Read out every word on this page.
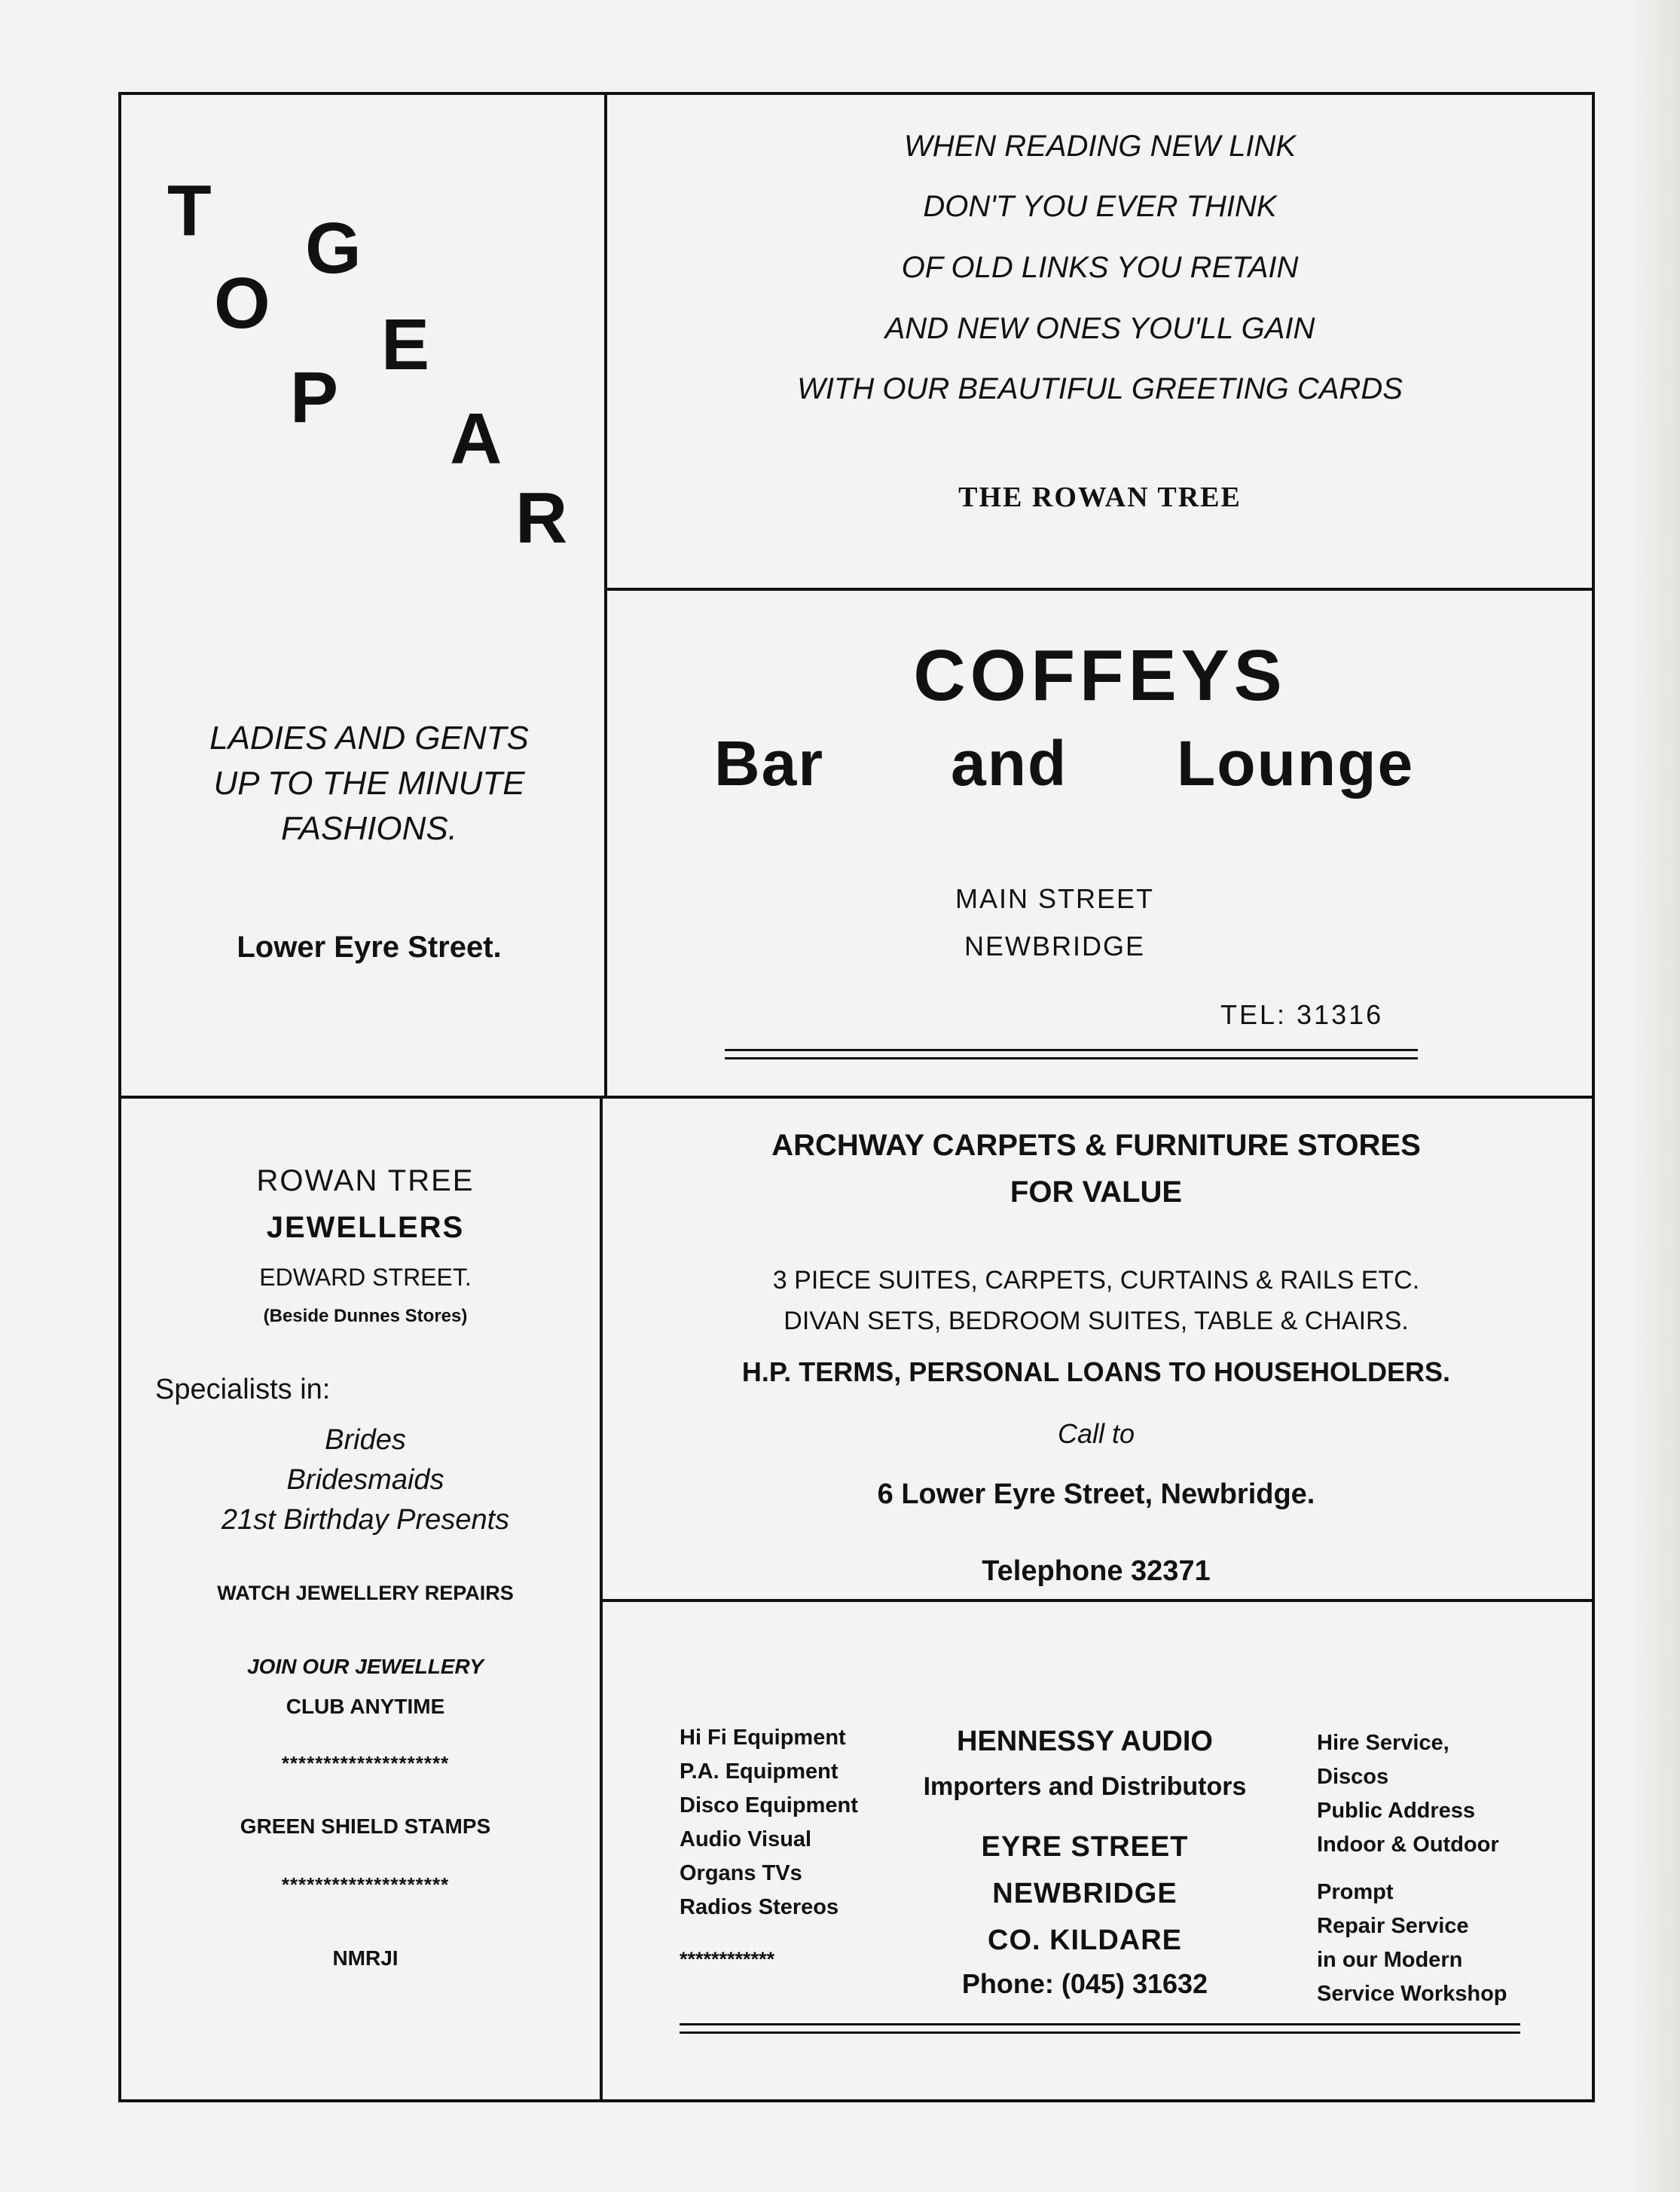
T
O
G
P
E
A
R
LADIES AND GENTS
UP TO THE MINUTE
FASHIONS.
Lower Eyre Street.
WHEN READING NEW LINK
DON'T YOU EVER THINK
OF OLD LINKS YOU RETAIN
AND NEW ONES YOU'LL GAIN
WITH OUR BEAUTIFUL GREETING CARDS
THE ROWAN TREE
COFFEYS
Bar and Lounge
MAIN STREET
NEWBRIDGE
TEL: 31316
ROWAN TREE
JEWELLERS
EDWARD STREET.
(Beside Dunnes Stores)
Specialists in:
Brides
Bridesmaids
21st Birthday Presents
WATCH JEWELLERY REPAIRS
JOIN OUR JEWELLERY
CLUB ANYTIME
********************
GREEN SHIELD STAMPS
********************
NMRJI
ARCHWAY CARPETS & FURNITURE STORES
FOR VALUE
3 PIECE SUITES, CARPETS, CURTAINS & RAILS ETC.
DIVAN SETS, BEDROOM SUITES, TABLE & CHAIRS.
H.P. TERMS, PERSONAL LOANS TO HOUSEHOLDERS.
Call to
6 Lower Eyre Street, Newbridge.
Telephone 32371
Hi Fi Equipment
P.A. Equipment
Disco Equipment
Audio Visual
Organs TVs
Radios Stereos
************
HENNESSY AUDIO
Importers and Distributors
EYRE STREET
NEWBRIDGE
CO. KILDARE
Phone: (045) 31632
Hire Service,
Discos
Public Address
Indoor & Outdoor
Prompt
Repair Service
in our Modern
Service Workshop
